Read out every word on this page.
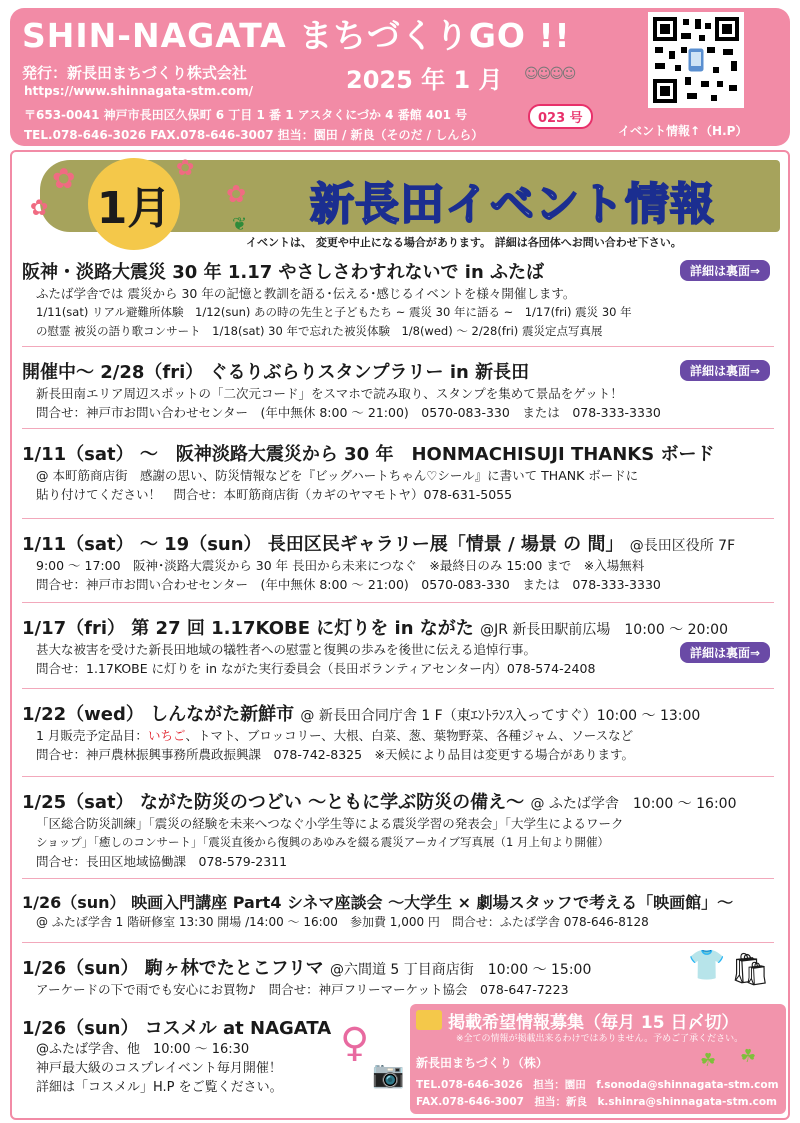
SHIN-NAGATA まちづくりGO !!
発行：新長田まちづくり株式会社
https://www.shinnagata-stm.com/
〒653-0041 神戸市長田区久保町 6 丁目 1 番 1 アスタくにづか 4 番館 401 号
TEL.078-646-3026 FAX.078-646-3007 担当：園田 / 新良（そのだ / しんら）
2025 年 1 月 ☺☺☺☺
023 号
イベント情報↑（H.P）
✿
✿
✿
✿
❦
1月	新長田イベント情報
イベントは、 変更や中止になる場合があります。 詳細は各団体へお問い合わせ下さい。
阪神・淡路大震災 30 年 1.17 やさしさわすれないで in ふたば	詳細は裏面⇒
ふたば学舎では 震災から 30 年の記憶と教訓を語る･伝える･感じるイベントを様々開催します。
1/11(sat) リアル避難所体験　1/12(sun) あの時の先生と子どもたち ~ 震災 30 年に語る ~　1/17(fri) 震災 30 年
の慰霊 被災の語り歌コンサート　1/18(sat) 30 年で忘れた被災体験　1/8(wed) ～ 2/28(fri) 震災定点写真展
開催中～ 2/28（fri） ぐるりぶらりスタンプラリー in 新長田	詳細は裏面⇒
新長田南エリア周辺スポットの「二次元コード」をスマホで読み取り、スタンプを集めて景品をゲット！
問合せ：神戸市お問い合わせセンター　(年中無休 8:00 ～ 21:00)　0570-083-330　または　078-333-3330
1/11（sat） ～　阪神淡路大震災から 30 年　HONMACHISUJI THANKS ボード
@ 本町筋商店街　感謝の思い、防災情報などを『ビッグハートちゃん♡シール』に書いて THANK ボードに
貼り付けてください！　問合せ：本町筋商店街（カギのヤマモトヤ）078-631-5055
1/11（sat） ～ 19（sun） 長田区民ギャラリー展「情景 / 場景 の 間」 @長田区役所 7F
9:00 ～ 17:00　阪神･淡路大震災から 30 年 長田から未来につなぐ　※最終日のみ 15:00 まで　※入場無料
問合せ：神戸市お問い合わせセンター　(年中無休 8:00 ～ 21:00)　0570-083-330　または　078-333-3330
1/17（fri） 第 27 回 1.17KOBE に灯りを in ながた @JR 新長田駅前広場　10:00 ～ 20:00
詳細は裏面⇒
甚大な被害を受けた新長田地域の犠牲者への慰霊と復興の歩みを後世に伝える追悼行事。
問合せ：1.17KOBE に灯りを in ながた実行委員会（長田ボランティアセンター内）078-574-2408
1/22（wed） しんながた新鮮市 @ 新長田合同庁舎 1 F（東ｴﾝﾄﾗﾝｽ入ってすぐ）10:00 ～ 13:00
1 月販売予定品目：いちご、トマト、ブロッコリー、大根、白菜、葱、葉物野菜、各種ジャム、ソースなど
問合せ：神戸農林振興事務所農政振興課　078-742-8325　※天候により品目は変更する場合があります。
1/25（sat） ながた防災のつどい ～ともに学ぶ防災の備え～ @ ふたば学舎　10:00 ～ 16:00
「区総合防災訓練」「震災の経験を未来へつなぐ小学生等による震災学習の発表会」「大学生によるワーク
ショップ」「癒しのコンサート」「震災直後から復興のあゆみを綴る震災アーカイブ写真展（1 月上旬より開催）
問合せ：長田区地域協働課　078-579-2311
1/26（sun） 映画入門講座 Part4 シネマ座談会 ～大学生 × 劇場スタッフで考える「映画館」～
@ ふたば学舎 1 階研修室 13:30 開場 /14:00 ～ 16:00　参加費 1,000 円　問合せ：ふたば学舎 078-646-8128
1/26（sun） 駒ヶ林でたとこフリマ @六間道 5 丁目商店街　10:00 ～ 15:00
アーケードの下で雨でも安心にお買物♪　問合せ：神戸フリーマーケット協会　078-647-7223
👕 🛍
1/26（sun） コスメル at NAGATA
@ふたば学舎、他　10:00 ～ 16:30
神戸最大級のコスプレイベント毎月開催！
詳細は「コスメル」H.P をご覧ください。
♀
📷
掲載希望情報募集（毎月 15 日〆切）
※全ての情報が掲載出来るわけではありません。予めご了承ください。
新長田まちづくり（株）	☘ ☘
TEL.078-646-3026　担当：園田　f.sonoda@shinnagata-stm.com
FAX.078-646-3007　担当：新良　k.shinra@shinnagata-stm.com
